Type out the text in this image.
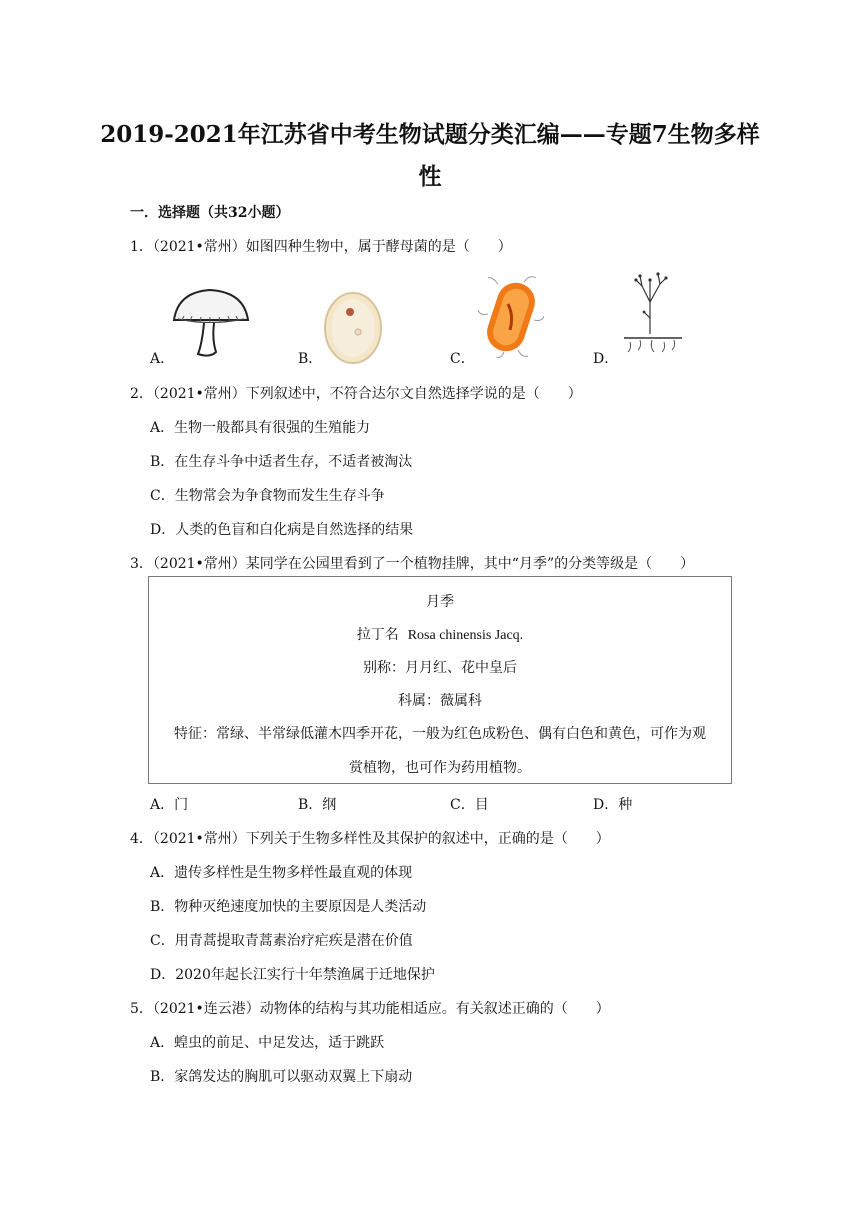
2019-2021年江苏省中考生物试题分类汇编——专题7生物多样
性
一．选择题（共32小题）
1．（2021•常州）如图四种生物中，属于酵母菌的是（　　）
A．	B．	C．	D．
2．（2021•常州）下列叙述中，不符合达尔文自然选择学说的是（　　）
A．生物一般都具有很强的生殖能力
B．在生存斗争中适者生存，不适者被淘汰
C．生物常会为争食物而发生生存斗争
D．人类的色盲和白化病是自然选择的结果
3．（2021•常州）某同学在公园里看到了一个植物挂牌，其中“月季”的分类等级是（　　）
月季
拉丁名 Rosa chinensis Jacq.
别称：月月红、花中皇后
科属：薇属科
特征：常绿、半常绿低灌木四季开花，一般为红色成粉色、偶有白色和黄色，可作为观
赏植物，也可作为药用植物。
A．门	B．纲	C．目	D．种
4．（2021•常州）下列关于生物多样性及其保护的叙述中，正确的是（　　）
A．遗传多样性是生物多样性最直观的体现
B．物种灭绝速度加快的主要原因是人类活动
C．用青蒿提取青蒿素治疗疟疾是潜在价值
D．2020年起长江实行十年禁渔属于迁地保护
5．（2021•连云港）动物体的结构与其功能相适应。有关叙述正确的（　　）
A．蝗虫的前足、中足发达，适于跳跃
B．家鸽发达的胸肌可以驱动双翼上下扇动
